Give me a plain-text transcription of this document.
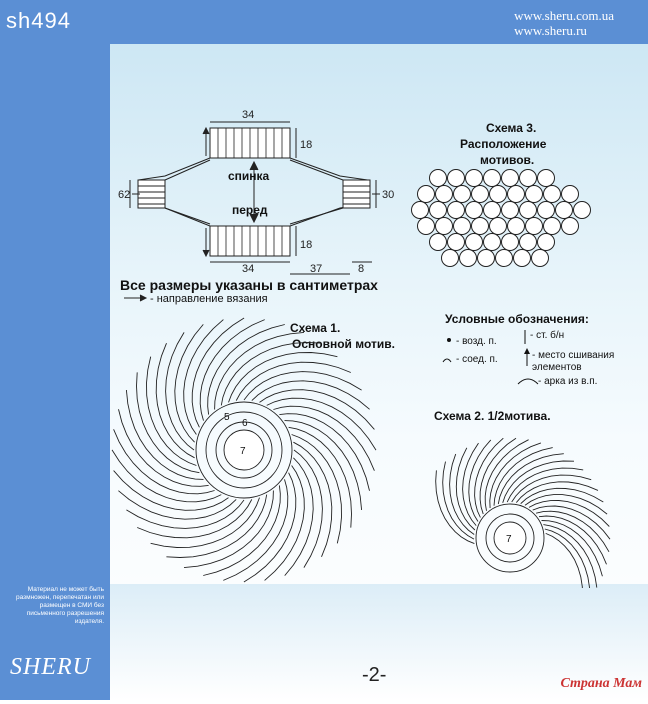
sh494	www.sheru.com.ua
www.sheru.ru
34
18
62	30
34
18
37	8
спинка
перед
Все размеры указаны в сантиметрах
- направление вязания
Схема 3.
Расположение
мотивов.
Условные обозначения:
- возд. п.
- ст. б/н
- соед. п.	- место сшивания
элементов
- арка из в.п.
Схема 1.
Основной мотив.
7
6
5	Схема 2. 1/2мотива.
7
Материал не может быть размножен, перепечатан или размещен в СМИ без письменного разрешения издателя.
SHERU	-2-	Страна Мам
